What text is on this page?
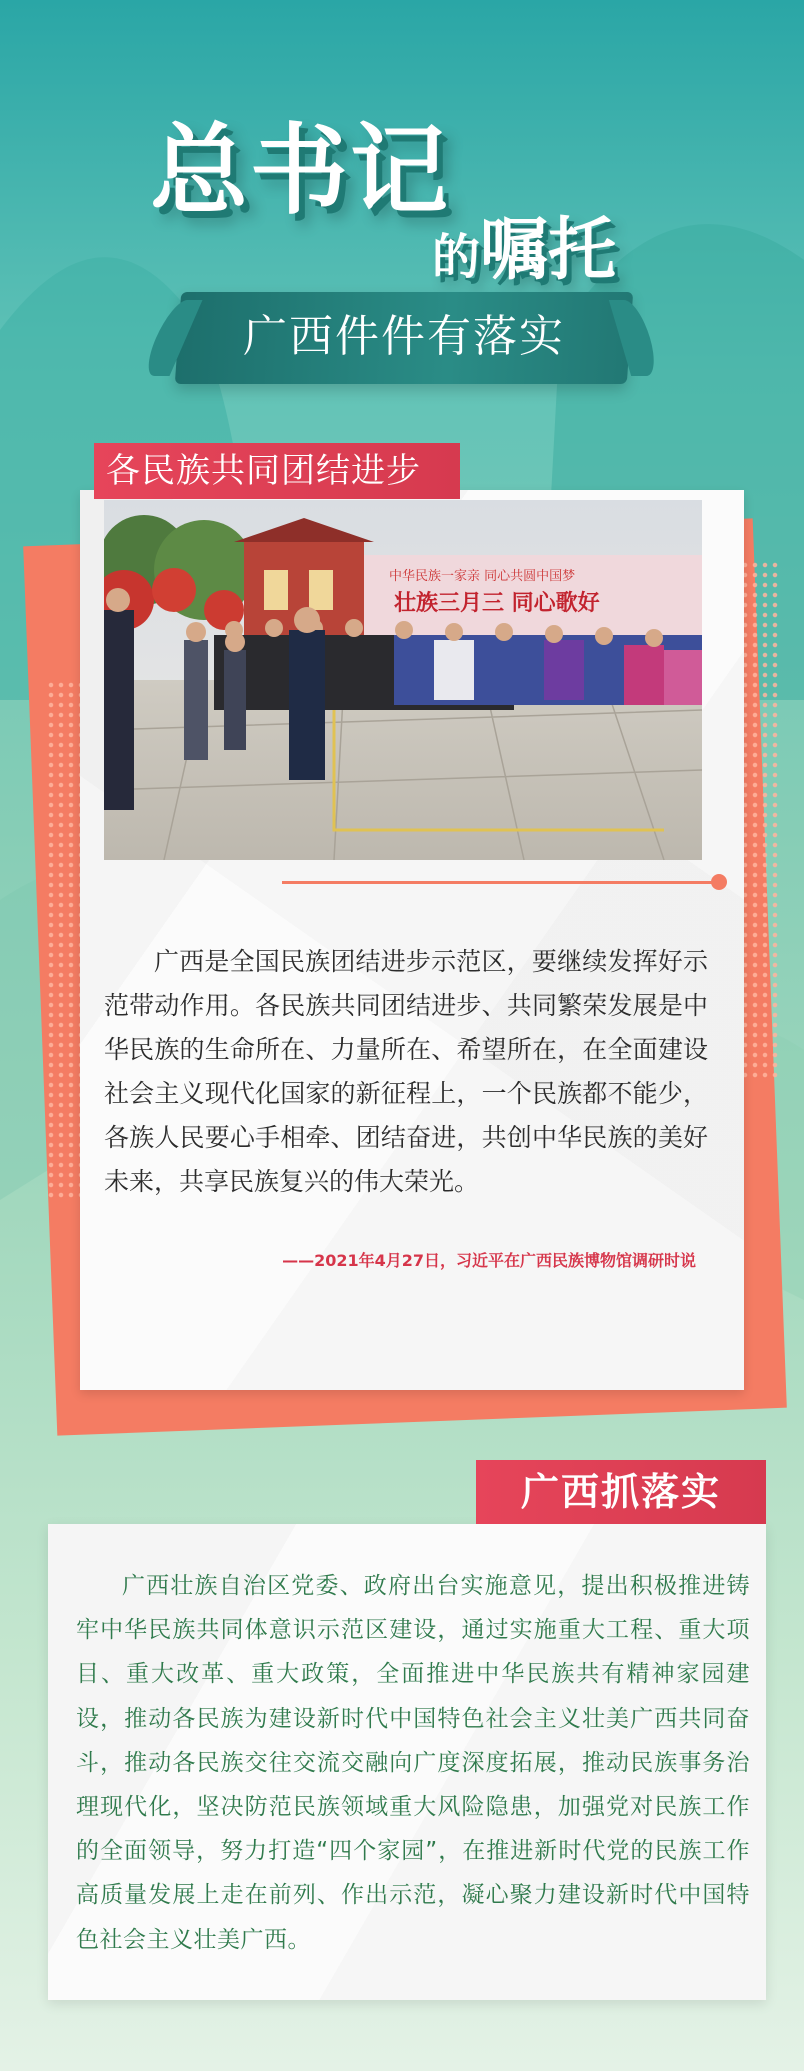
总书记
的嘱托
广西件件有落实
各民族共同团结进步
中华民族一家亲 同心共圆中国梦
壮族三月三 同心歌好

广西是全国民族团结进步示范区，要继续发挥好示范带动作用。各民族共同团结进步、共同繁荣发展是中华民族的生命所在、力量所在、希望所在，在全面建设社会主义现代化国家的新征程上，一个民族都不能少，各族人民要心手相牵、团结奋进，共创中华民族的美好未来，共享民族复兴的伟大荣光。

——2021年4月27日，习近平在广西民族博物馆调研时说
广西抓落实

广西壮族自治区党委、政府出台实施意见，提出积极推进铸牢中华民族共同体意识示范区建设，通过实施重大工程、重大项目、重大改革、重大政策，全面推进中华民族共有精神家园建设，推动各民族为建设新时代中国特色社会主义壮美广西共同奋斗，推动各民族交往交流交融向广度深度拓展，推动民族事务治理现代化，坚决防范民族领域重大风险隐患，加强党对民族工作的全面领导，努力打造“四个家园”，在推进新时代党的民族工作高质量发展上走在前列、作出示范，凝心聚力建设新时代中国特色社会主义壮美广西。
